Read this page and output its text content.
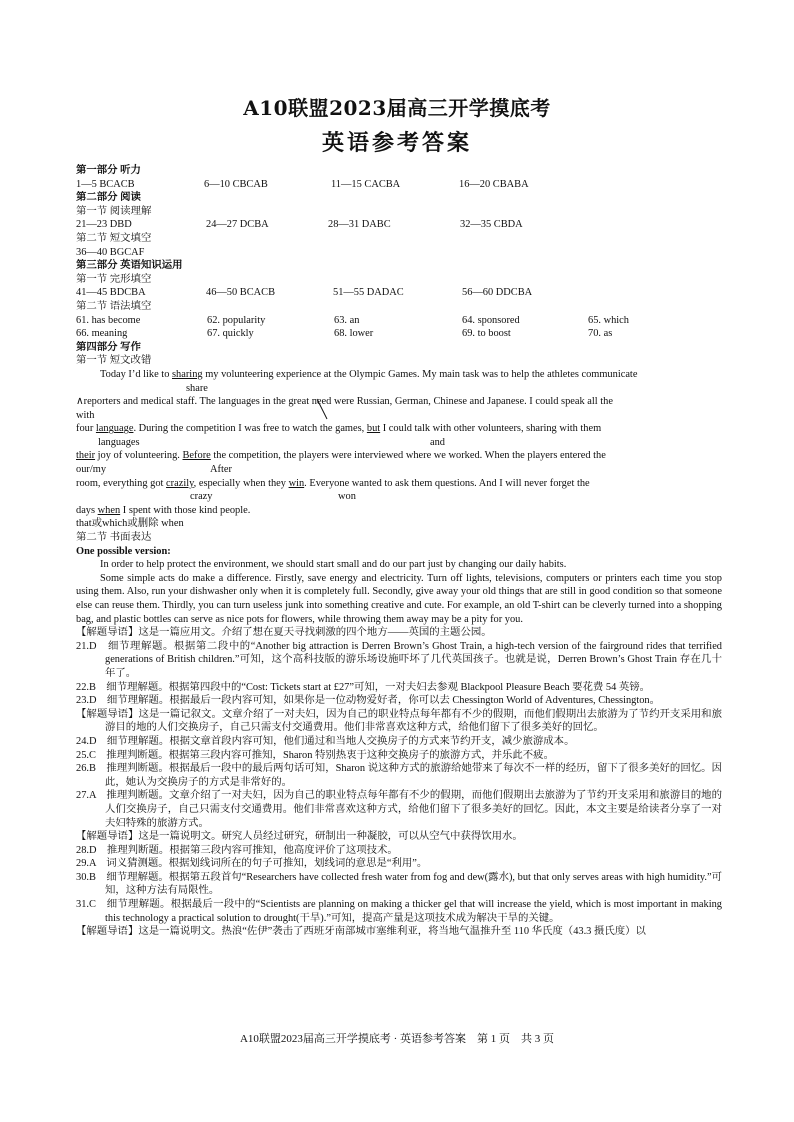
A10联盟2023届高三开学摸底考
英语参考答案
第一部分 听力
1—5 BCACB	6—10 CBCAB	11—15 CACBA	16—20 CBABA
第二部分 阅读
第一节 阅读理解
21—23 DBD	24—27 DCBA	28—31 DABC	32—35 CBDA
第二节 短文填空
36—40 BGCAF
第三部分 英语知识运用
第一节 完形填空
41—45 BDCBA	46—50 BCACB	51—55 DADAC	56—60 DDCBA
第二节 语法填空
61. has become	62. popularity	63. an	64. sponsored	65. which
66. meaning	67. quickly	68. lower	69. to boost	70. as
第四部分 写作
第一节 短文改错
Today I’d like to sharing my volunteering experience at the Olympic Games. My main task was to help the athletes communicate
share
∧reporters and medical staff. The languages in the great need were Russian, German, Chinese and Japanese. I could speak all the
with
four language. During the competition I was free to watch the games, but I could talk with other volunteers, sharing with them
languages	and
their joy of volunteering. Before the competition, the players were interviewed where we worked. When the players entered the
our/my	After
room, everything got crazily, especially when they win. Everyone wanted to ask them questions. And I will never forget the
crazy	won
days when I spent with those kind people.
that或which或删除 when
第二节 书面表达
One possible version:
In order to help protect the environment, we should start small and do our part just by changing our daily habits.
Some simple acts do make a difference. Firstly, save energy and electricity. Turn off lights, televisions, computers or printers each time you stop using them. Also, run your dishwasher only when it is completely full. Secondly, give away your old things that are still in good condition so that someone else can reuse them. Thirdly, you can turn useless junk into something creative and cute. For example, an old T-shirt can be cleverly turned into a shopping bag, and plastic bottles can serve as nice pots for flowers, while throwing them away may be a pity for you.
【解题导语】这是一篇应用文。介绍了想在夏天寻找刺激的四个地方——英国的主题公园。
21.D　细节理解题。根据第二段中的“Another big attraction is Derren Brown’s Ghost Train, a high-tech version of the fairground rides that terrified generations of British children.”可知，这个高科技版的游乐场设施吓坏了几代英国孩子。也就是说，Derren Brown’s Ghost Train 存在几十年了。
22.B　细节理解题。根据第四段中的“Cost: Tickets start at £27”可知，一对夫妇去参观 Blackpool Pleasure Beach 要花费 54 英镑。
23.D　细节理解题。根据最后一段内容可知，如果你是一位动物爱好者，你可以去 Chessington World of Adventures, Chessington。
【解题导语】这是一篇记叙文。文章介绍了一对夫妇，因为自己的职业特点每年都有不少的假期，而他们假期出去旅游为了节约开支采用和旅游目的地的人们交换房子，自己只需支付交通费用。他们非常喜欢这种方式，给他们留下了很多美好的回忆。
24.D　细节理解题。根据文章首段内容可知，他们通过和当地人交换房子的方式来节约开支，减少旅游成本。
25.C　推理判断题。根据第三段内容可推知，Sharon 特别热衷于这种交换房子的旅游方式，并乐此不疲。
26.B　推理判断题。根据最后一段中的最后两句话可知，Sharon 说这种方式的旅游给她带来了每次不一样的经历，留下了很多美好的回忆。因此，她认为交换房子的方式是非常好的。
27.A　推理判断题。文章介绍了一对夫妇，因为自己的职业特点每年都有不少的假期，而他们假期出去旅游为了节约开支采用和旅游目的地的人们交换房子，自己只需支付交通费用。他们非常喜欢这种方式，给他们留下了很多美好的回忆。因此，本文主要是给读者分享了一对夫妇特殊的旅游方式。
【解题导语】这是一篇说明文。研究人员经过研究，研制出一种凝胶，可以从空气中获得饮用水。
28.D　推理判断题。根据第三段内容可推知，他高度评价了这项技术。
29.A　词义猜测题。根据划线词所在的句子可推知，划线词的意思是“利用”。
30.B　细节理解题。根据第五段首句“Researchers have collected fresh water from fog and dew(露水), but that only serves areas with high humidity.”可知，这种方法有局限性。
31.C　细节理解题。根据最后一段中的“Scientists are planning on making a thicker gel that will increase the yield, which is most important in making this technology a practical solution to drought(干旱).”可知，提高产量是这项技术成为解决干旱的关键。
【解题导语】这是一篇说明文。热浪“佐伊”袭击了西班牙南部城市塞维利亚，将当地气温推升至 110 华氏度（43.3 摄氏度）以
A10联盟2023届高三开学摸底考 · 英语参考答案　第 1 页　共 3 页
